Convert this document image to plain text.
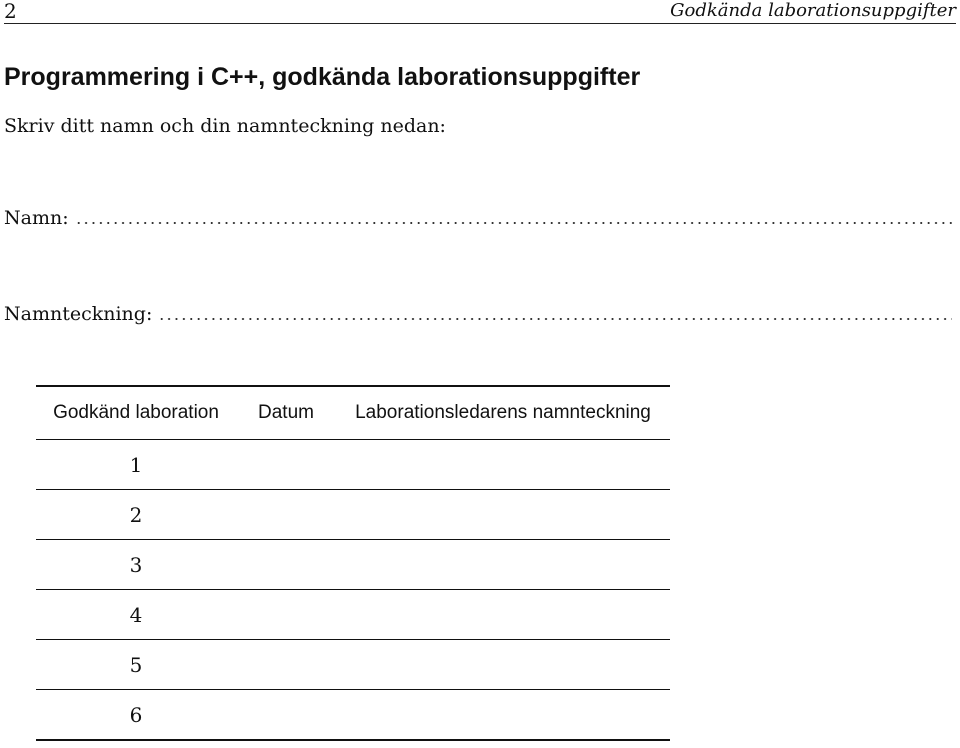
2	Godkända laborationsuppgifter
Programmering i C++, godkända laborationsuppgifter
Skriv ditt namn och din namnteckning nedan:
Namn:
Namnteckning:
Godkänd laboration	Datum	Laborationsledarens namnteckning
1		
2		
3		
4		
5		
6		
